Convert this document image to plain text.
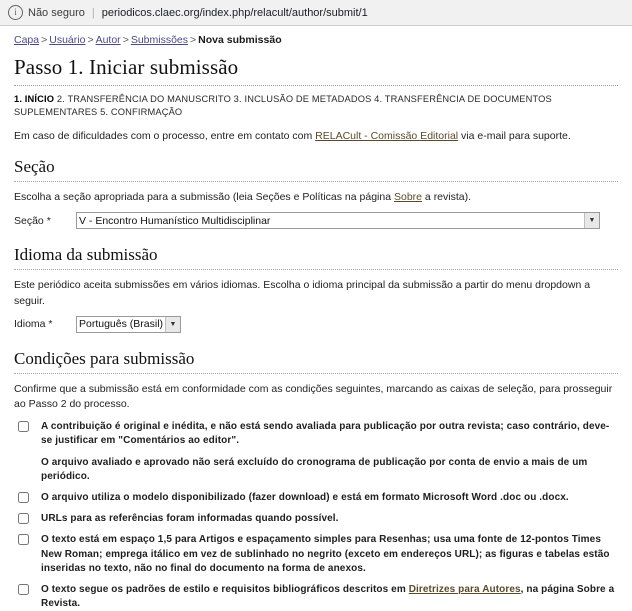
i	Não seguro | periodicos.claec.org/index.php/relacult/author/submit/1
Capa > Usuário > Autor > Submissões > Nova submissão
Passo 1. Iniciar submissão
1. INÍCIO 2. TRANSFERÊNCIA DO MANUSCRITO 3. INCLUSÃO DE METADADOS 4. TRANSFERÊNCIA DE DOCUMENTOS SUPLEMENTARES 5. CONFIRMAÇÃO

Em caso de dificuldades com o processo, entre em contato com RELACult - Comissão Editorial via e-mail para suporte.

Seção

Escolha a seção apropriada para a submissão (leia Seções e Políticas na página Sobre a revista).

Seção *
V - Encontro Humanístico Multidisciplinar	▼
Idioma da submissão

Este periódico aceita submissões em vários idiomas. Escolha o idioma principal da submissão a partir do menu dropdown a seguir.

Idioma *
Português (Brasil)	▼
Condições para submissão

Confirme que a submissão está em conformidade com as condições seguintes, marcando as caixas de seleção, para prosseguir ao Passo 2 do processo.

A contribuição é original e inédita, e não está sendo avaliada para publicação por outra revista; caso contrário, deve-se justificar em "Comentários ao editor".
O arquivo avaliado e aprovado não será excluído do cronograma de publicação por conta de envio a mais de um periódico.
O arquivo utiliza o modelo disponibilizado (fazer download) e está em formato Microsoft Word .doc ou .docx.
URLs para as referências foram informadas quando possível.
O texto está em espaço 1,5 para Artigos e espaçamento simples para Resenhas; usa uma fonte de 12-pontos Times New Roman; emprega itálico em vez de sublinhado no negrito (exceto em endereços URL); as figuras e tabelas estão inseridas no texto, não no final do documento na forma de anexos.
O texto segue os padrões de estilo e requisitos bibliográficos descritos em Diretrizes para Autores, na página Sobre a Revista.
